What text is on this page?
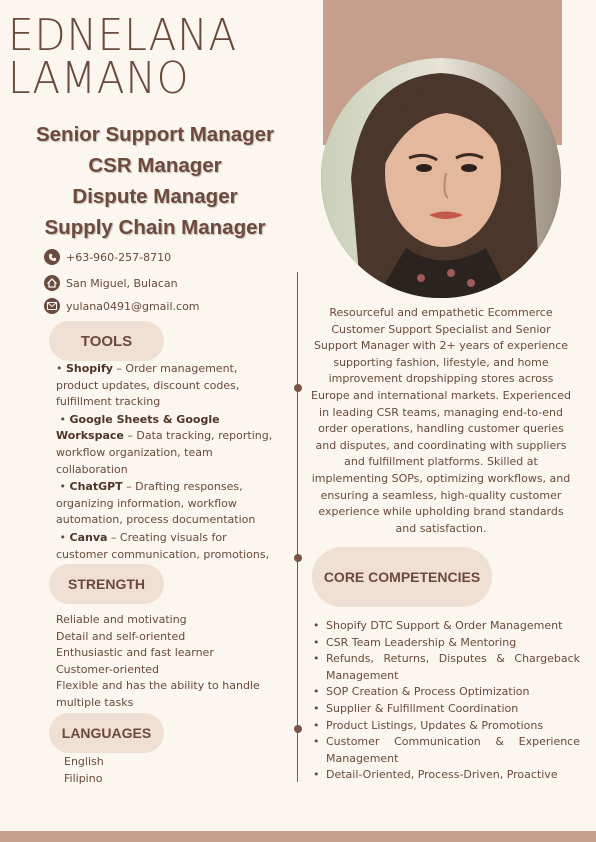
EDNELANA
LAMANO
Senior Support Manager
CSR Manager
Dispute Manager
Supply Chain Manager
+63-960-257-8710
San Miguel, Bulacan
yulana0491@gmail.com
TOOLS
• Shopify – Order management, product updates, discount codes, fulfillment tracking
• Google Sheets & Google Workspace – Data tracking, reporting, workflow organization, team collaboration
• ChatGPT – Drafting responses, organizing information, workflow automation, process documentation
• Canva – Creating visuals for customer communication, promotions,
STRENGTH
Reliable and motivating
Detail and self-oriented
Enthusiastic and fast learner
Customer-oriented
Flexible and has the ability to handle multiple tasks
LANGUAGES
English
Filipino
Resourceful and empathetic Ecommerce Customer Support Specialist and Senior Support Manager with 2+ years of experience supporting fashion, lifestyle, and home improvement dropshipping stores across Europe and international markets. Experienced in leading CSR teams, managing end-to-end order operations, handling customer queries and disputes, and coordinating with suppliers and fulfillment platforms. Skilled at implementing SOPs, optimizing workflows, and ensuring a seamless, high-quality customer experience while upholding brand standards and satisfaction.
CORE COMPETENCIES
• Shopify DTC Support & Order Management
• CSR Team Leadership & Mentoring
• Refunds, Returns, Disputes & Chargeback Management
• SOP Creation & Process Optimization
• Supplier & Fulfillment Coordination
• Product Listings, Updates & Promotions
• Customer Communication & Experience Management
• Detail-Oriented, Process-Driven, Proactive
